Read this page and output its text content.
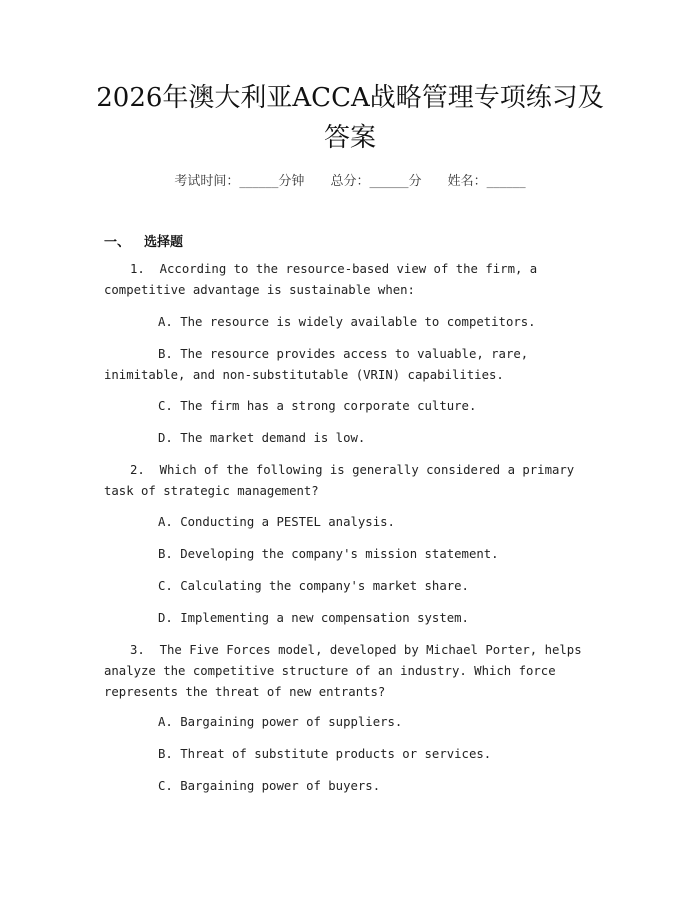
2026年澳大利亚ACCA战略管理专项练习及
答案
考试时间：______分钟 总分：______分 姓名：______
一、 选择题
1.  According to the resource-based view of the firm, a competitive advantage is sustainable when:
A. The resource is widely available to competitors.
B. The resource provides access to valuable, rare, inimitable, and non-substitutable (VRIN) capabilities.
C. The firm has a strong corporate culture.
D. The market demand is low.
2.  Which of the following is generally considered a primary task of strategic management?
A. Conducting a PESTEL analysis.
B. Developing the company's mission statement.
C. Calculating the company's market share.
D. Implementing a new compensation system.
3.  The Five Forces model, developed by Michael Porter, helps analyze the competitive structure of an industry. Which force represents the threat of new entrants?
A. Bargaining power of suppliers.
B. Threat of substitute products or services.
C. Bargaining power of buyers.
